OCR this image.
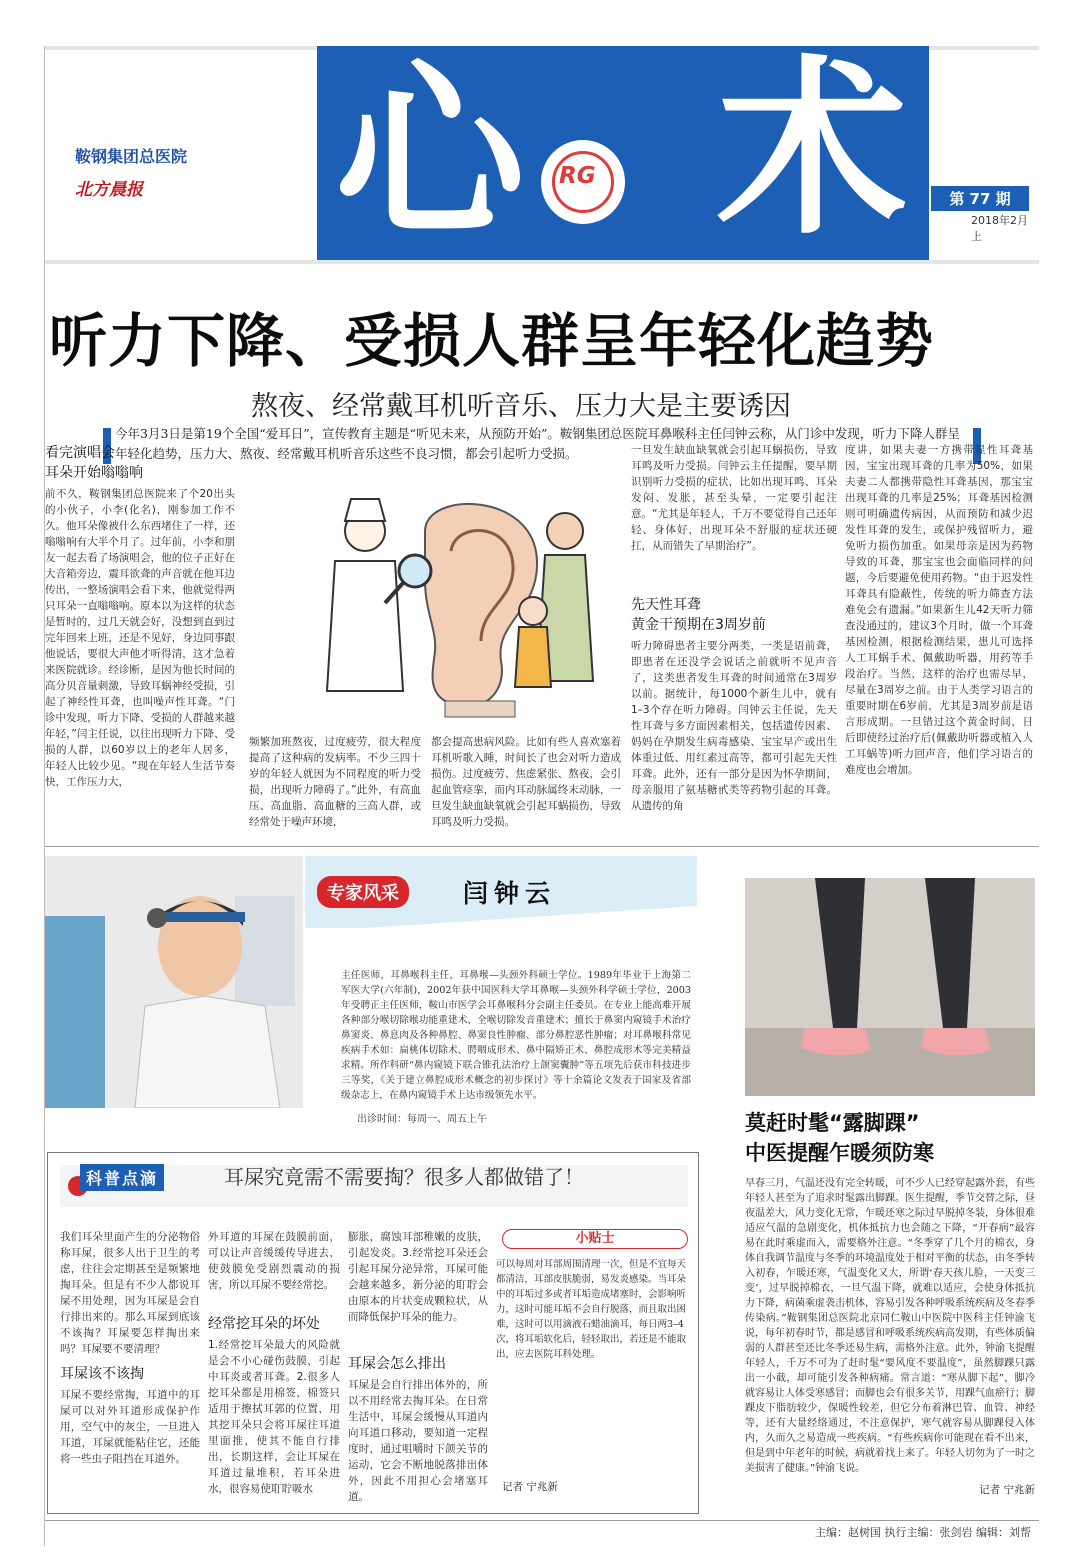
鞍钢集团总医院
北方晨报	心 术
RG
第 77 期
2018年2月上
听力下降、受损人群呈年轻化趋势
熬夜、经常戴耳机听音乐、压力大是主要诱因
今年3月3日是第19个全国“爱耳日”，宣传教育主题是“听见未来，从预防开始”。鞍钢集团总医院耳鼻喉科主任闫钟云称，从门诊中发现，听力下降人群呈年轻化趋势，压力大、熬夜、经常戴耳机听音乐这些不良习惯，都会引起听力受损。
看完演唱会
耳朵开始嗡嗡响
前不久，鞍钢集团总医院来了个20出头的小伙子，小李(化名)，刚参加工作不久。他耳朵像被什么东西堵住了一样，还嗡嗡响有大半个月了。过年前，小李和朋友一起去看了场演唱会，他的位子正好在大音箱旁边，震耳欲聋的声音就在他耳边传出，一整场演唱会看下来，他就觉得两只耳朵一直嗡嗡响。原本以为这样的状态是暂时的，过几天就会好，没想到直到过完年回来上班，还是不见好，身边同事跟他说话，要很大声他才听得清，这才急着来医院就诊。经诊断，是因为他长时间的高分贝音量刺激，导致耳蜗神经受损，引起了神经性耳聋，也叫噪声性耳聋。“门诊中发现，听力下降、受损的人群越来越年轻，”闫主任说，以往出现听力下降、受损的人群，以60岁以上的老年人居多，年轻人比较少见。“现在年轻人生活节奏快，工作压力大，
频繁加班熬夜，过度疲劳，很大程度提高了这种病的发病率。不少三四十岁的年轻人就因为不同程度的听力受损，出现听力障碍了。”此外，有高血压、高血脂、高血糖的三高人群，或经常处于噪声环境，
都会提高患病风险。比如有些人喜欢塞着耳机听歌入睡，时间长了也会对听力造成损伤。过度疲劳、焦虑紧张、熬夜，会引起血管痉挛，而内耳动脉属终末动脉，一旦发生缺血缺氧就会引起耳蜗损伤，导致耳鸣及听力受损。
一旦发生缺血缺氧就会引起耳蜗损伤，导致耳鸣及听力受损。闫钟云主任提醒，要早期识别听力受损的症状，比如出现耳鸣、耳朵发闷、发胀，甚至头晕，一定要引起注意。“尤其是年轻人，千万不要觉得自己还年轻、身体好，出现耳朵不舒服的症状还硬扛，从而错失了早期治疗”。
先天性耳聋
黄金干预期在3周岁前
听力障碍患者主要分两类，一类是语前聋，即患者在还没学会说话之前就听不见声音了，这类患者发生耳聋的时间通常在3周岁以前。据统计，每1000个新生儿中，就有1–3个存在听力障碍。闫钟云主任说，先天性耳聋与多方面因素相关，包括遗传因素、妈妈在孕期发生病毒感染、宝宝早产或出生体重过低、用红素过高等，都可引起先天性耳聋。此外，还有一部分是因为怀孕期间，母亲服用了氨基糖甙类等药物引起的耳聋。从遗传的角
度讲，如果夫妻一方携带显性耳聋基因，宝宝出现耳聋的几率为50%，如果夫妻二人都携带隐性耳聋基因，那宝宝出现耳聋的几率是25%；耳聋基因检测则可明确遗传病因，从而预防和减少迟发性耳聋的发生，或保护残留听力，避免听力损伤加重。如果母亲是因为药物导致的耳聋，那宝宝也会面临同样的问题，今后要避免使用药物。“由于迟发性耳聋具有隐蔽性，传统的听力筛查方法难免会有遗漏。”如果新生儿42天听力筛查没通过的，建议3个月时，做一个耳聋基因检测，根据检测结果，患儿可选择人工耳蜗手术、佩戴助听器，用药等手段治疗。当然，这样的治疗也需尽早，尽量在3周岁之前。由于人类学习语言的重要时期在6岁前，尤其是3周岁前是语言形成期。一旦错过这个黄金时间，日后即使经过治疗后(佩戴助听器或植入人工耳蜗等)听力回声音，他们学习语言的难度也会增加。
专家风采	闫钟云
主任医师，耳鼻喉科主任，耳鼻喉—头颈外科硕士学位。1989年毕业于上海第二军医大学(六年制)，2002年获中国医科大学耳鼻喉—头颈外科学硕士学位，2003年受聘正主任医师，鞍山市医学会耳鼻喉科分会副主任委员。在专业上能高难开展各种部分喉切除喉功能重建术、全喉切除发音重建术；擅长于鼻窦内窥镜手术治疗鼻窦炎、鼻息肉及各种鼻腔、鼻窦良性肿瘤、部分鼻腔恶性肿瘤；对耳鼻喉科常见疾病手术如：扁桃体切除术、腭咽成形术、鼻中隔矫正术、鼻腔成形术等完美精益求精。所作科研“鼻内窥镜下联合锥孔法治疗上颌窦囊肿”等五项先后获市科技进步三等奖，《关于建立鼻腔成形术概念的初步探讨》等十余篇论文发表于国家及省部级杂志上，在鼻内窥镜手术上达市级领先水平。
出诊时间：每周一、周五上午	莫赶时髦“露脚踝”
中医提醒乍暖须防寒
早春三月，气温还没有完全转暖，可不少人已经穿起露外套，有些年轻人甚至为了追求时髦露出脚踝。医生提醒，季节交替之际，昼夜温差大，风力变化无常，乍暖还寒之际过早脱掉冬装，身体很难适应气温的急剧变化，机体抵抗力也会随之下降，“开春病”最容易在此时乘虚而入，需要格外注意。“冬季穿了几个月的棉衣，身体自我调节温度与冬季的环境温度处于相对平衡的状态，由冬季转入初春，乍暖还寒，气温变化又大，所谓‘春天孩儿脸，一天变三变’，过早脱掉棉衣，一旦气温下降，就难以适应，会使身体抵抗力下降，病菌乘虚袭击机体，容易引发各种呼吸系统疾病及冬春季传染病。”鞍钢集团总医院北京同仁鞍山中医院中医科主任钟渝飞说，每年初春时节，都是感冒和呼吸系统疾病高发期，有些体质偏弱的人群甚至还比冬季还易生病，需格外注意。此外，钟渝飞提醒年轻人，千万不可为了赶时髦“要风度不要温度”，虽然脚踝只露出一小截，却可能引发各种病痛。常言道：“寒从脚下起”，脚冷就容易让人体受寒感冒；而脚也会有很多关节，用踝气血瘀行；脚踝皮下脂肪较少，保暖性较差，但它分布着淋巴管、血管、神经等，还有大量经络通过，不注意保护，寒气就容易从脚踝侵入体内，久而久之易造成一些疾病。“有些疾病你可能现在看不出来，但是到中年老年的时候，病就着找上来了。年轻人切勿为了一时之美损害了健康。”钟渝飞说。
记者 宁兆新
科普点滴	耳屎究竟需不需要掏？很多人都做错了！
我们耳朵里面产生的分泌物俗称耳屎，很多人出于卫生的考虑，往往会定期甚至是频繁地掏耳朵。但是有不少人都说耳屎不用处理，因为耳屎是会自行排出来的。那么耳屎到底该不该掏？耳屎要怎样掏出来吗？耳屎要不要清理？
耳屎该不该掏
耳屎不要经常掏，耳道中的耳屎可以对外耳道形成保护作用，空气中的灰尘，一旦进入耳道，耳屎就能粘住它，还能将一些虫子阻挡在耳道外。
外耳道的耳屎在鼓膜前面，可以让声音缓缓传导进去，使鼓膜免受剧烈震动的损害，所以耳屎不要经常挖。
经常挖耳朵的坏处
1.经常挖耳朵最大的风险就是会不小心碰伤鼓膜，引起中耳炎或者耳聋。2.很多人挖耳朵都是用棉签，棉签只适用于擦拭耳郭的位置，用其挖耳朵只会将耳屎往耳道里面推，使其不能自行排出，长期这样，会让耳屎在耳道过量堆积，若耳朵进水，很容易使耵聍吸水
膨胀，腐蚀耳部稚嫩的皮肤，引起发炎。3.经常挖耳朵还会引起耳屎分泌异常，耳屎可能会越来越多，新分泌的耵聍会由原本的片状变成颗粒状，从而降低保护耳朵的能力。
耳屎会怎么排出
耳屎是会自行排出体外的，所以不用经常去掏耳朵。在日常生活中，耳屎会缓慢从耳道内向耳道口移动，要知道一定程度时，通过咀嚼时下颌关节的运动，它会不断地脱落排出体外，因此不用担心会堵塞耳道。
小贴士
可以每周对耳部周围清理一次，但是不宜每天都清洁，耳部皮肤脆弱，易发炎感染。当耳朵中的耳垢过多或者耳垢造成堵塞时，会影响听力，这时可能耳垢不会自行脱落，而且取出困难，这时可以用滴液石蜡油滴耳，每日两3–4次，将耳垢软化后，轻轻取出，若还是不能取出，应去医院耳科处理。
记者 宁兆新
主编：赵树国 执行主编：张剑岩 编辑：刘帮
